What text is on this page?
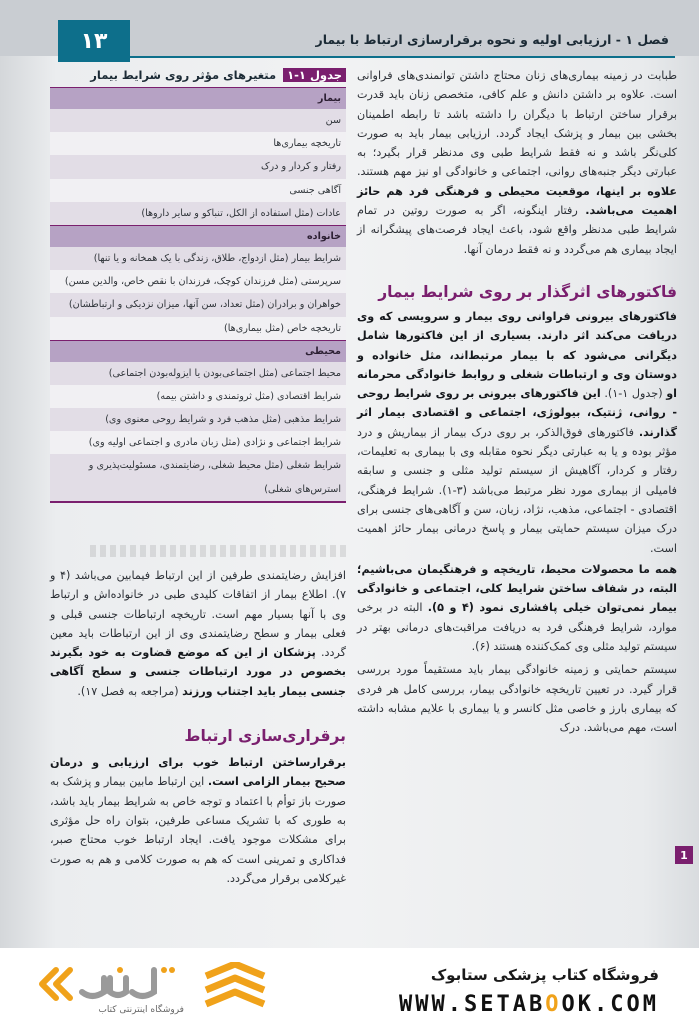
۱۳	فصل ۱ - ارزیابی اولیه و نحوه برقرارسازی ارتباط با بیمار
جدول ۱-۱ متغیرهای مؤثر روی شرایط بیمار
بیمار
سن
تاریخچه بیماری‌ها
رفتار و کردار و درک
آگاهی جنسی
عادات (مثل استفاده از الکل، تنباکو و سایر داروها)
خانواده
شرایط بیمار (مثل ازدواج، طلاق، زندگی با یک همخانه و یا تنها)
سرپرستی (مثل فرزندان کوچک، فرزندان با نقص خاص، والدین مسن)
خواهران و برادران (مثل تعداد، سن آنها، میزان نزدیکی و ارتباطشان)
تاریخچه خاص (مثل بیماری‌ها)
محیطی
محیط اجتماعی (مثل اجتماعی‌بودن یا ایزوله‌بودن اجتماعی)
شرایط اقتصادی (مثل ثروتمندی و داشتن بیمه)
شرایط مذهبی (مثل مذهب فرد و شرایط روحی معنوی وی)
شرایط اجتماعی و نژادی (مثل زبان مادری و اجتماعی اولیه وی)
شرایط شغلی (مثل محیط شغلی، رضایتمندی، مسئولیت‌پذیری و
استرس‌های شغلی)

افزایش رضایتمندی طرفین از این ارتباط فیمابین می‌باشد (۴ و ۷). اطلاع بیمار از اتفاقات کلیدی طبی در خانواده‌اش و ارتباط وی با آنها بسیار مهم است. تاریخچه ارتباطات جنسی قبلی و فعلی بیمار و سطح رضایتمندی وی از این ارتباطات باید معین گردد. پزشکان از این که موضع قضاوت به خود بگیرند بخصوص در مورد ارتباطات جنسی و سطح آگاهی جنسی بیمار باید اجتناب ورزند (مراجعه به فصل ۱۷).

برقراری‌سازی ارتباط

برقرارساختن ارتباط خوب برای ارزیابی و درمان صحیح بیمار الزامی است. این ارتباط مابین بیمار و پزشک به صورت باز توأم با اعتماد و توجه خاص به شرایط بیمار باید باشد، به طوری که با تشریک مساعی طرفین، بتوان راه حل مؤثری برای مشکلات موجود یافت. ایجاد ارتباط خوب محتاج صبر، فداکاری و تمرینی است که هم به صورت کلامی و هم به صورت غیرکلامی برقرار می‌گردد.

طبابت در زمینه بیماری‌های زنان محتاج داشتن توانمندی‌های فراوانی است. علاوه بر داشتن دانش و علم کافی، متخصص زنان باید قدرت برقرار ساختن ارتباط با دیگران را داشته باشد تا رابطه اطمینان بخشی بین بیمار و پزشک ایجاد گردد. ارزیابی بیمار باید به صورت کلی‌نگر باشد و نه فقط شرایط طبی وی مدنظر قرار بگیرد؛ به عبارتی دیگر جنبه‌های روانی، اجتماعی و خانوادگی او نیز مهم هستند. علاوه بر اینها، موقعیت محیطی و فرهنگی فرد هم حائز اهمیت می‌باشد. رفتار اینگونه، اگر به صورت روتین در تمام شرایط طبی مدنظر واقع شود، باعث ایجاد فرصت‌های پیشگرانه از ایجاد بیماری هم می‌گردد و نه فقط درمان آنها.

فاکتورهای اثرگذار بر روی شرایط بیمار

فاکتورهای بیرونی فراوانی روی بیمار و سرویسی که وی دریافت می‌کند اثر دارند. بسیاری از این فاکتورها شامل دیگرانی می‌شود که با بیمار مرتبط‌اند، مثل خانواده و دوستان وی و ارتباطات شغلی و روابط خانوادگی محرمانه او (جدول ۱-۱). این فاکتورهای بیرونی بر روی شرایط روحی - روانی، ژنتیک، بیولوژی، اجتماعی و اقتصادی بیمار اثر گذارند. فاکتورهای فوق‌الذکر، بر روی درک بیمار از بیماریش و درد مؤثر بوده و یا به عبارتی دیگر نحوه مقابله وی با بیماری به تعلیمات، رفتار و کردار، آگاهیش از سیستم تولید مثلی و جنسی و سابقه فامیلی از بیماری مورد نظر مرتبط می‌باشد (۳-۱). شرایط فرهنگی، اقتصادی - اجتماعی، مذهب، نژاد، زبان، سن و آگاهی‌های جنسی برای درک میزان سیستم حمایتی بیمار و پاسخ درمانی بیمار حائز اهمیت است.

همه ما محصولات محیط، تاریخچه و فرهنگیمان می‌باشیم؛ البته، در شفاف ساختن شرایط کلی، اجتماعی و خانوادگی بیمار نمی‌توان خیلی پافشاری نمود (۴ و ۵). البته در برخی موارد، شرایط فرهنگی فرد به دریافت مراقبت‌های درمانی بهتر در سیستم تولید مثلی وی کمک‌کننده هستند (۶).

سیستم حمایتی و زمینه خانوادگی بیمار باید مستقیماً مورد بررسی قرار گیرد. در تعیین تاریخچه خانوادگی بیمار، بررسی کامل هر فردی که بیماری بارز و خاصی مثل کانسر و یا بیماری با علایم مشابه داشته است، مهم می‌باشد. درک

1
فروشگاه اینترنتی کتاب
فروشگاه کتاب پزشکی ستابوک
WWW.SETABOOK.COM
